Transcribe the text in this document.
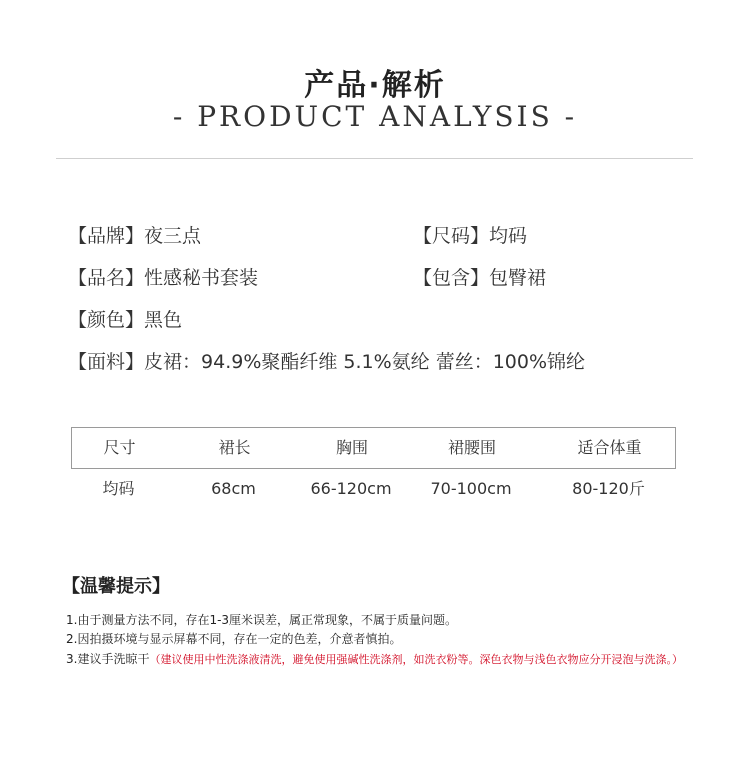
产品·解析
- PRODUCT ANALYSIS -
【品牌】夜三点	【尺码】均码
【品名】性感秘书套装	【包含】包臀裙
【颜色】黑色
【面料】皮裙：94.9%聚酯纤维 5.1%氨纶 蕾丝：100%锦纶
尺寸	裙长	胸围	裙腰围	适合体重
均码	68cm	66-120cm	70-100cm	80-120斤
【温馨提示】
1.由于测量方法不同，存在1-3厘米误差，属正常现象，不属于质量问题。
2.因拍摄环境与显示屏幕不同，存在一定的色差，介意者慎拍。
3.建议手洗晾干（建议使用中性洗涤液清洗，避免使用强碱性洗涤剂，如洗衣粉等。深色衣物与浅色衣物应分开浸泡与洗涤。）
